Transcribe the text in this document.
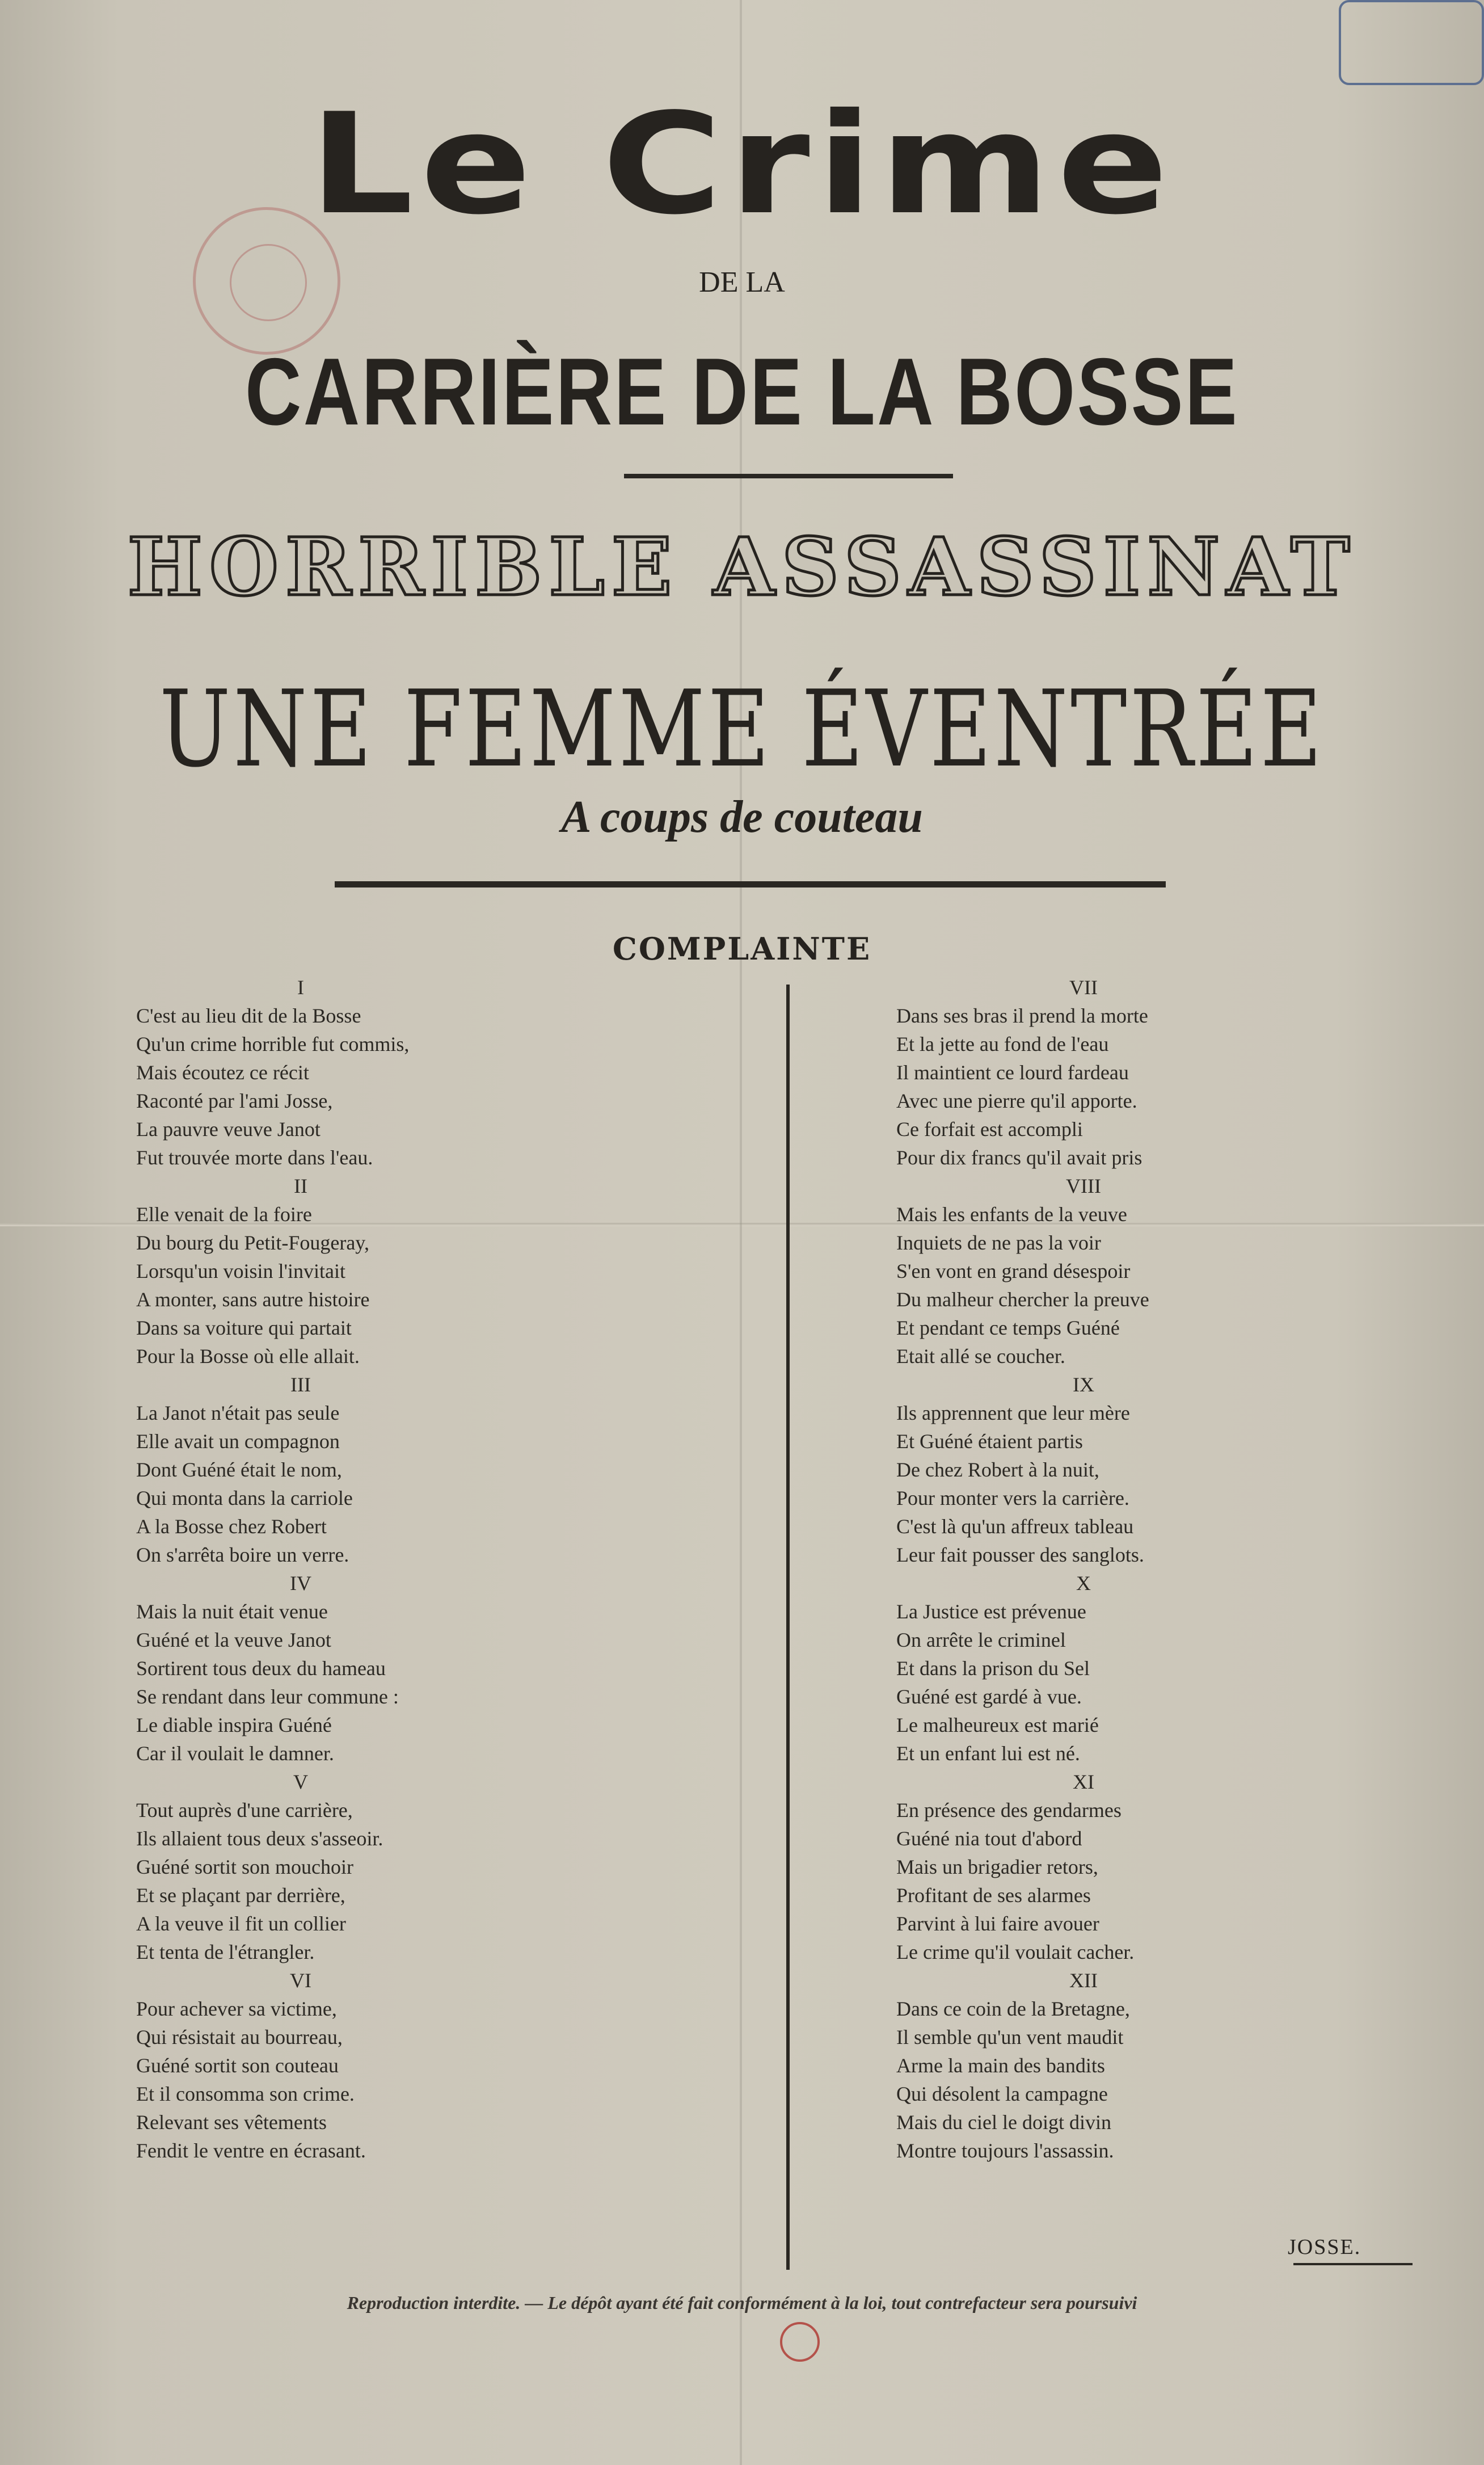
Le Crime
DE LA
CARRIÈRE DE LA BOSSE
HORRIBLE ASSASSINAT
UNE FEMME ÉVENTRÉE
A coups de couteau
COMPLAINTE
I
C'est au lieu dit de la Bosse
Qu'un crime horrible fut commis,
Mais écoutez ce récit
Raconté par l'ami Josse,
La pauvre veuve Janot
Fut trouvée morte dans l'eau.
II
Elle venait de la foire
Du bourg du Petit-Fougeray,
Lorsqu'un voisin l'invitait
A monter, sans autre histoire
Dans sa voiture qui partait
Pour la Bosse où elle allait.
III
La Janot n'était pas seule
Elle avait un compagnon
Dont Guéné était le nom,
Qui monta dans la carriole
A la Bosse chez Robert
On s'arrêta boire un verre.
IV
Mais la nuit était venue
Guéné et la veuve Janot
Sortirent tous deux du hameau
Se rendant dans leur commune :
Le diable inspira Guéné
Car il voulait le damner.
V
Tout auprès d'une carrière,
Ils allaient tous deux s'asseoir.
Guéné sortit son mouchoir
Et se plaçant par derrière,
A la veuve il fit un collier
Et tenta de l'étrangler.
VI
Pour achever sa victime,
Qui résistait au bourreau,
Guéné sortit son couteau
Et il consomma son crime.
Relevant ses vêtements
Fendit le ventre en écrasant.
VII
Dans ses bras il prend la morte
Et la jette au fond de l'eau
Il maintient ce lourd fardeau
Avec une pierre qu'il apporte.
Ce forfait est accompli
Pour dix francs qu'il avait pris
VIII
Mais les enfants de la veuve
Inquiets de ne pas la voir
S'en vont en grand désespoir
Du malheur chercher la preuve
Et pendant ce temps Guéné
Etait allé se coucher.
IX
Ils apprennent que leur mère
Et Guéné étaient partis
De chez Robert à la nuit,
Pour monter vers la carrière.
C'est là qu'un affreux tableau
Leur fait pousser des sanglots.
X
La Justice est prévenue
On arrête le criminel
Et dans la prison du Sel
Guéné est gardé à vue.
Le malheureux est marié
Et un enfant lui est né.
XI
En présence des gendarmes
Guéné nia tout d'abord
Mais un brigadier retors,
Profitant de ses alarmes
Parvint à lui faire avouer
Le crime qu'il voulait cacher.
XII
Dans ce coin de la Bretagne,
Il semble qu'un vent maudit
Arme la main des bandits
Qui désolent la campagne
Mais du ciel le doigt divin
Montre toujours l'assassin.
JOSSE.
Reproduction interdite. — Le dépôt ayant été fait conformément à la loi, tout contrefacteur sera poursuivi
